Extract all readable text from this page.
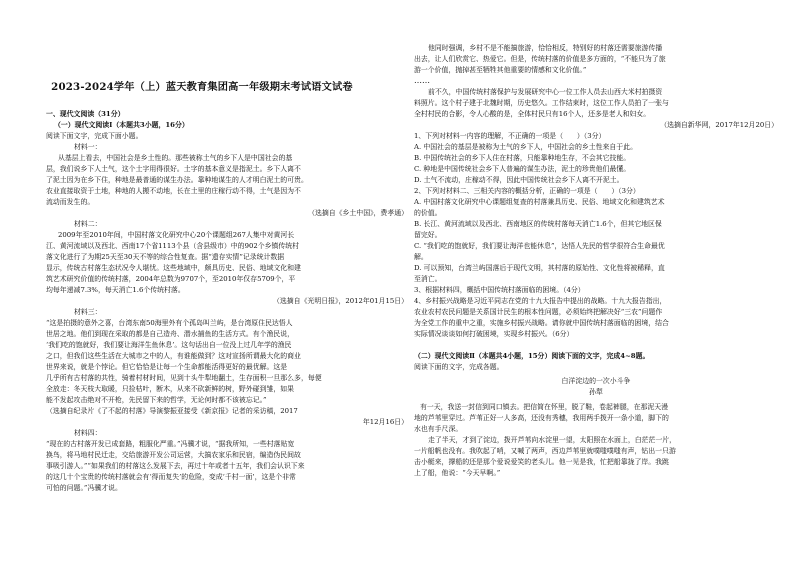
2023-2024学年（上）蓝天教育集团高一年级期末考试语文试卷
一、现代文阅读（31分）
（一）现代文阅读Ⅰ（本题共3小题，16分）
阅读下面文字，完成下面小题。
材料一：
从基层上看去，中国社会是乡土性的。那些被称土气的乡下人是中国社会的基
层，我们说乡下人土气，这个土字用得很好。土字的基本意义是指泥土。乡下人离不
了泥土因为在乡下住，种地是最普通的谋生办法。靠种地谋生的人才明白泥土的可贵。
农业直接取资于土地，种地的人搬不动地，长在土里的庄稼行动不得，土气是因为不
流动而发生的。
（选摘自《乡土中国》，费孝通）
材料二：
2009年至2010年间，中国村落文化研究中心20个课题组267人集中对黄河长
江、黄河流域以及西北、西南17个省1113个县（含县级市）中的902个乡镇传统村
落文化进行了为期25天至30天不等的综合性复查。据“遗存实情”记录统计数据
显示，传统古村落生态状况令人堪忧。这些地域中，颇具历史、民俗、地域文化和建
筑艺术研究价值的传统村落，2004年总数为9707个，至2010年仅存5709个，平
均每年递减7.3%，每天消亡1.6个传统村落。
（选摘自《光明日报》，2012年01月15日）
材料三：
“这是拍摄的意外之喜，台湾东南50海里外有个孤岛叫兰屿，是台湾原住民达悟人
世居之地。他们到现在采取的都是自己造舟、潜水捕鱼的生活方式。有个渔民说，
‘我们吃的饱就好，我们要让海洋生鱼休息’。这句话出自一位没上过几年学的渔民
之口，但我们这些生活在大城市之中的人，有谁能做到？这对宣扬所谓最大化的商业
世界来说，就是个悖论。但它恰恰是让每一个生命都能活得更好的最优解。这是
几乎所有古村落的共性，骑着村材时间，见到十头牛犁地翻土，生存面积一旦那么多，每便
全放走：冬天枝大取暖，只捡枯叶，断木，从来不砍新鲜的树，野外碰到雏，如果
能不发起攻击绝对不开枪，先民留下来的哲学，无论何时都不该被忘记。”
（选摘自纪录片《了不起的村落》导演黎振亚接受《新京报》记者的采访稿，2017
年12月16日）
材料四：
“现在的古村落开发已成套路，粗服化严重。”冯骥才说，“据我所知，一些村落贴宽
换鸟，将马地村民迁走，交给旅游开发公司运营，大搞农家乐和民宿，编造伪民间故
事吸引游人。”“如果我们的村落这么发展下去，再过十年或者十五年，我们会认识下来
的这几十个宝贵的传统村落就会有‘得而复失’的危险，变成‘千村一面’，这是个非常
可怕的问题。”冯骥才说。
他同时强调，乡村不是不能搞旅游，恰恰相反，特别好的村落还需要旅游传播
出去，让人们欣赏它、热爱它。但是，传统村落的价值是多方面的，“不能只为了旅
游一个价值，抛掉甚至牺牲其他重要的情感和文化价值。”
前不久，中国传统村落保护与发展研究中心一位工作人员去山西大米村拍摄资
料照片。这个村子建于北魏时期，历史悠久。工作结束时，这位工作人员拍了一张与
全村村民的合影，令人心酸的是，全体村民只有16个人，还多是老人和妇女。
（选摘自新华网，2017年12月20日）
1、下列对材料一内容的理解，不正确的一项是（　　）（3分）
A. 中国社会的基层是被称为土气的乡下人，中国社会的乡土性来自于此。
B. 中国传统社会的乡下人住在村落，只能靠种地生存，不会其它技能。
C. 种地是中国传统社会乡下人普遍的谋生办法，泥土的珍贵他们最懂。
D. 土气不流动，庄稼动不得，因此中国传统社会乡下人离不开泥土。
2、下列对材料二、三相关内容的概括分析，正确的一项是（　　）（3分）
A. 中国村落文化研究中心课题组复查的村落兼具历史、民俗、地域文化和建筑艺术
的价值。
B. 长江、黄河流域以及西北、西南地区的传统村落每天消亡1.6个，但其它地区保
留完好。
C. “我们吃的饱就好，我们要让海洋也能休息”，达悟人先民的哲学很符合生命最优
解。
D. 可以预知，台湾兰屿国落后于现代文明，其村落的原始性、文化性将被稀释，直
至消亡。
3、根据材料四，概括中国传统村落面临的困境。（4分）
4、乡村振兴战略是习近平同志在党的十九大报告中提出的战略。十九大报告指出，
农业农村农民问题是关系国计民生的根本性问题，必须始终把解决好“三农”问题作
为全党工作的重中之重，实施乡村振兴战略。请你就中国传统村落面临的困境，结合
实际情况谈谈如何打破困境，实现乡村振兴。（6分）
（二）现代文阅读Ⅱ（本题共4小题，15分）阅读下面的文字，完成4~8题。
阅读下面的文字，完成各题。
白洋淀边的一次小斗争
孙犁
有一天，我送一封信到同口镇去。把信简在怀里，脱了鞋，卷起裤腿，在那泥天漫
地的芦苇里穿过。芦苇正好一人多高，还没有秀穗，我用两手拨开一条小道，脚下的
水也有手尺深。
走了半天，才到了淀边，拨开芦苇向水淀里一望，太阳照在水面上，白茫茫一片，
一片船帆也没有。我吹起了哨，又喊了两声，西边芦苇里就噗嗤噗嗤有声，钻出一只游
击小艇来，撑船的还是那个爱说爱笑的老头儿。他一见是我，忙把船靠拢了岸。我跳
上了船，他说：“今天早啊。”
……
